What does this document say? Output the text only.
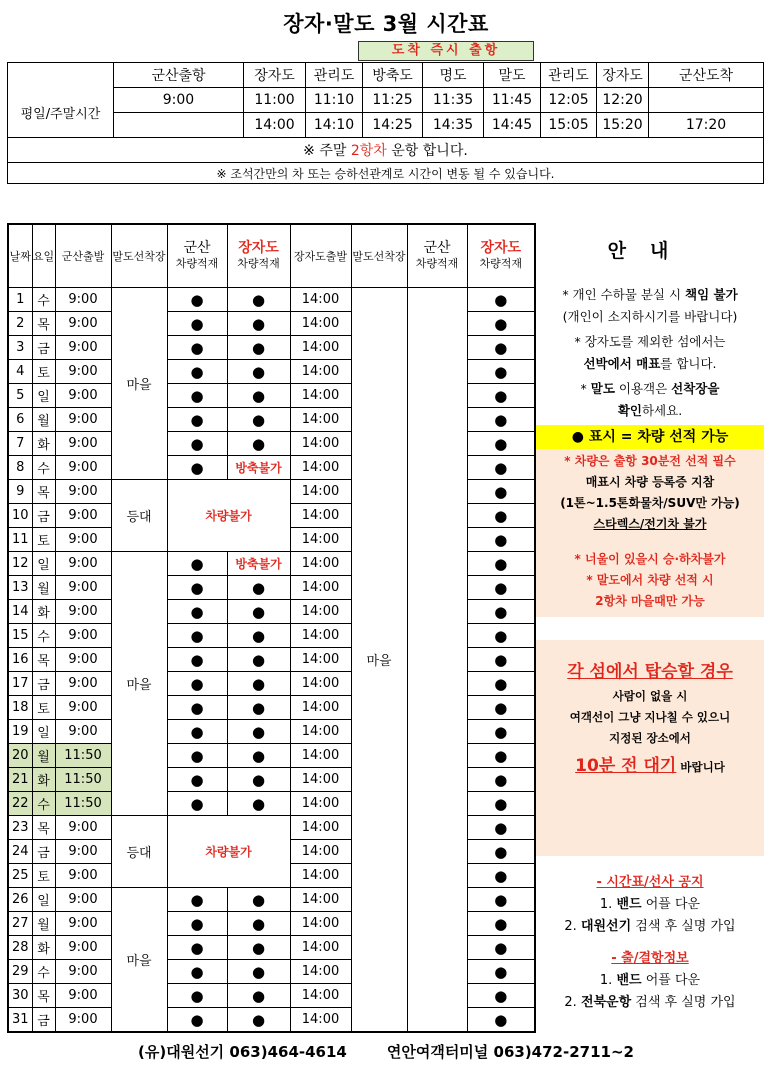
장자·말도 3월 시간표
도착 즉시 출항
	군산출항	장자도	관리도	방축도	명도	말도	관리도	장자도	군산도착
평일/주말시간	9:00	11:00	11:10	11:25	11:35	11:45	12:05	12:20	
		14:00	14:10	14:25	14:35	14:45	15:05	15:20	17:20
※ 주말 2항차 운항 합니다.									
※ 조석간만의 차 또는 승하선관계로 시간이 변동 될 수 있습니다.									
날짜	요일	군산출발	말도선착장	군산
차량적재	장자도
차량적재	장자도출발	말도선착장	군산
차량적재	장자도
차량적재
1	수	9:00	마을	●	●	14:00	마을		●
2	목	9:00		●	●	14:00			●
3	금	9:00		●	●	14:00			●
4	토	9:00		●	●	14:00			●
5	일	9:00		●	●	14:00			●
6	월	9:00		●	●	14:00			●
7	화	9:00		●	●	14:00			●
8	수	9:00		●	방축불가	14:00			●
9	목	9:00	등대	차량불가		14:00			●
10	금	9:00				14:00			●
11	토	9:00				14:00			●
12	일	9:00	마을	●	방축불가	14:00			●
13	월	9:00		●	●	14:00			●
14	화	9:00		●	●	14:00			●
15	수	9:00		●	●	14:00			●
16	목	9:00		●	●	14:00			●
17	금	9:00		●	●	14:00			●
18	토	9:00		●	●	14:00			●
19	일	9:00		●	●	14:00			●
20	월	11:50		●	●	14:00			●
21	화	11:50		●	●	14:00			●
22	수	11:50		●	●	14:00			●
23	목	9:00	등대	차량불가		14:00			●
24	금	9:00				14:00			●
25	토	9:00				14:00			●
26	일	9:00	마을	●	●	14:00			●
27	월	9:00		●	●	14:00			●
28	화	9:00		●	●	14:00			●
29	수	9:00		●	●	14:00			●
30	목	9:00		●	●	14:00			●
31	금	9:00		●	●	14:00			●
안내
* 개인 수하물 분실 시 책임 불가
(개인이 소지하시기를 바랍니다)
* 장자도를 제외한 섬에서는
선박에서 매표를 합니다.
* 말도 이용객은 선착장을
확인하세요.
● 표시 = 차량 선적 가능
* 차량은 출항 30분전 선적 필수
매표시 차량 등록증 지참
(1톤~1.5톤화물차/SUV만 가능)
스타렉스/전기차 불가
* 너울이 있을시 승·하차불가
* 말도에서 차량 선적 시
2항차 마을때만 가능
각 섬에서 탑승할 경우
사람이 없을 시
여객선이 그냥 지나칠 수 있으니
지정된 장소에서
10분 전 대기 바랍니다
- 시간표/선사 공지
1. 밴드 어플 다운
2. 대원선기 검색 후 실명 가입
- 출/결항정보
1. 밴드 어플 다운
2. 전북운항 검색 후 실명 가입
(유)대원선기 063)464-4614	연안여객터미널 063)472-2711~2
